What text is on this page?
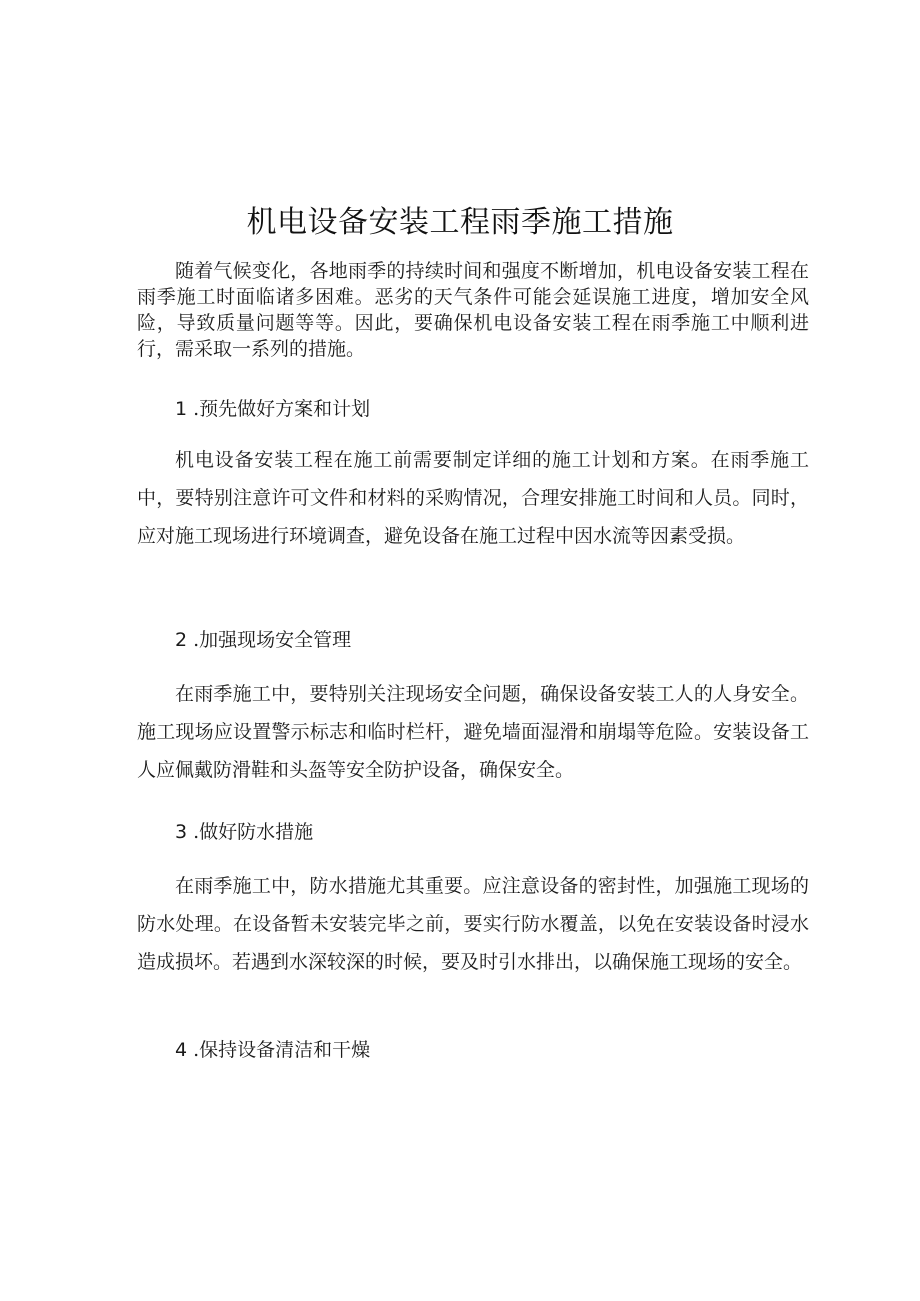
机电设备安装工程雨季施工措施

随着气候变化，各地雨季的持续时间和强度不断增加，机电设备安装工程在雨季施工时面临诸多困难。恶劣的天气条件可能会延误施工进度，增加安全风险，导致质量问题等等。因此，要确保机电设备安装工程在雨季施工中顺利进行，需采取一系列的措施。

1 .预先做好方案和计划

机电设备安装工程在施工前需要制定详细的施工计划和方案。在雨季施工中，要特别注意许可文件和材料的采购情况，合理安排施工时间和人员。同时，应对施工现场进行环境调查，避免设备在施工过程中因水流等因素受损。

2 .加强现场安全管理

在雨季施工中，要特别关注现场安全问题，确保设备安装工人的人身安全。施工现场应设置警示标志和临时栏杆，避免墙面湿滑和崩塌等危险。安装设备工人应佩戴防滑鞋和头盔等安全防护设备，确保安全。

3 .做好防水措施

在雨季施工中，防水措施尤其重要。应注意设备的密封性，加强施工现场的防水处理。在设备暂未安装完毕之前，要实行防水覆盖，以免在安装设备时浸水造成损坏。若遇到水深较深的时候，要及时引水排出，以确保施工现场的安全。

4 .保持设备清洁和干燥
